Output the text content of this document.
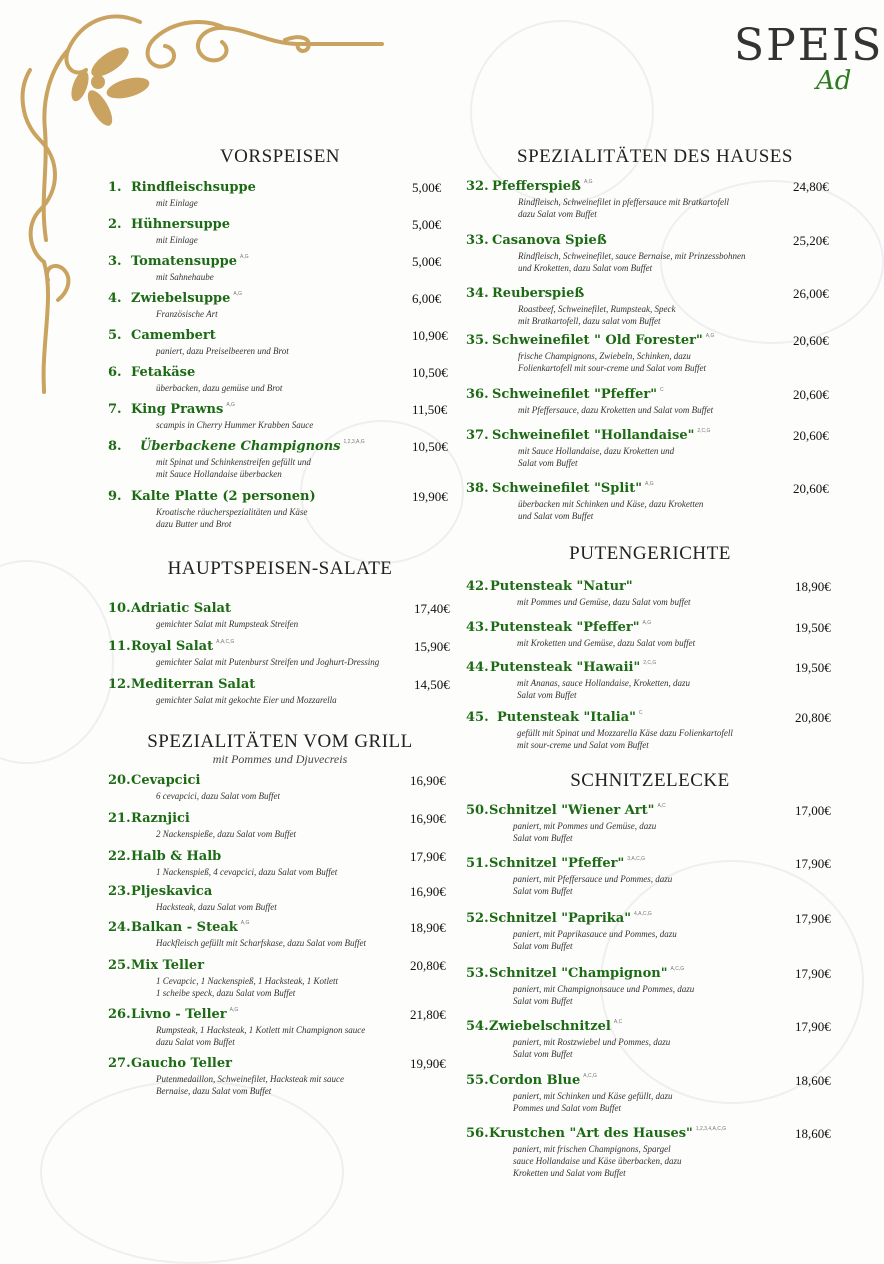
SPEIS
Ad
VORSPEISEN	SPEZIALITÄTEN DES HAUSES
HAUPTSPEISEN-SALATE
PUTENGERICHTE
SPEZIALITÄTEN VOM GRILL
mit Pommes und Djuvecreis
SCHNITZELECKE
1. Rindfleischsuppe
mit Einlage
5,00€
2. Hühnersuppe
mit Einlage
5,00€
3. Tomatensuppe $^{A,G}$
mit Sahnehaube
5,00€
4. Zwiebelsuppe $^{A,G}$
Französische Art
6,00€
5. Camembert
paniert, dazu Preiselbeeren und Brot
10,90€
6. Fetakäse
überbacken, dazu gemüse und Brot
10,50€
7. King Prawns $^{A,G}$
scampis in Cherry Hummer Krabben Sauce
11,50€
8. Überbackene Champignons $^{1,2,3,A,G}$
mit Spinat und Schinkenstreifen gefüllt und
mit Sauce Hollandaise überbacken
10,50€
9. Kalte Platte (2 personen)
Kroatische räucherspezialitäten und Käse
dazu Butter und Brot
19,90€
10. Adriatic Salat
gemichter Salat mit Rumpsteak Streifen
17,40€
11. Royal Salat $^{A,A,C,G}$
gemichter Salat mit Putenburst Streifen und Joghurt-Dressing
15,90€
12. Mediterran Salat
gemichter Salat mit gekochte Eier und Mozzarella
14,50€
20. Cevapcici
6 cevapcici, dazu Salat vom Buffet
16,90€
21. Raznjici
2 Nackenspieße, dazu Salat vom Buffet
16,90€
22. Halb & Halb
1 Nackenspieß, 4 cevapcici, dazu Salat vom Buffet
17,90€
23. Pljeskavica
Hacksteak, dazu Salat vom Buffet
16,90€
24. Balkan - Steak $^{A,G}$
Hackfleisch gefüllt mit Scharfskase, dazu Salat vom Buffet
18,90€
25. Mix Teller
1 Cevapcic, 1 Nackenspieß, 1 Hacksteak, 1 Kotlett
1 scheibe speck, dazu Salat vom Buffet
20,80€
26. Livno - Teller $^{A,G}$
Rumpsteak, 1 Hacksteak, 1 Kotlett mit Champignon sauce
dazu Salat vom Buffet
21,80€
27. Gaucho Teller
Putenmedaillon, Schweinefilet, Hacksteak mit sauce
Bernaise, dazu Salat vom Buffet
19,90€
32. Pfefferspieß $^{A,G}$
Rindfleisch, Schweinefilet in pfeffersauce mit Bratkartofell
dazu Salat vom Buffet
24,80€
33. Casanova Spieß
Rindfleisch, Schweinefilet, sauce Bernaise, mit Prinzessbohnen
und Kroketten, dazu Salat vom Buffet
25,20€
34. Reuberspieß
Roastbeef, Schweinefilet, Rumpsteak, Speck
mit Bratkartofell, dazu salat vom Buffet
26,00€
35. Schweinefilet " Old Forester" $^{A,G}$
frische Champignons, Zwiebeln, Schinken, dazu
Folienkartofell mit sour-creme und Salat vom Buffet
20,60€
36. Schweinefilet "Pfeffer" $^C$
mit Pfeffersauce, dazu Kroketten und Salat vom Buffet
20,60€
37. Schweinefilet "Hollandaise" $^{2,C,G}$
mit Sauce Hollandaise, dazu Kroketten und
Salat vom Buffet
20,60€
38. Schweinefilet "Split" $^{A,G}$
überbacken mit Schinken und Käse, dazu Kroketten
und Salat vom Buffet
20,60€
42. Putensteak "Natur"
mit Pommes und Gemüse, dazu Salat vom buffet
18,90€
43. Putensteak "Pfeffer" $^{A,G}$
mit Kroketten und Gemüse, dazu Salat vom buffet
19,50€
44. Putensteak "Hawaii" $^{2,C,G}$
mit Ananas, sauce Hollandaise, Kroketten, dazu
Salat vom Buffet
19,50€
45. Putensteak "Italia" $^C$
gefüllt mit Spinat und Mozzarella Käse dazu Folienkartofell
mit sour-creme und Salat vom Buffet
20,80€
50. Schnitzel "Wiener Art" $^{A,C}$
paniert, mit Pommes und Gemüse, dazu
Salat vom Buffet
17,00€
51. Schnitzel "Pfeffer" $^{3,A,C,G}$
paniert, mit Pfeffersauce und Pommes, dazu
Salat vom Buffet
17,90€
52. Schnitzel "Paprika" $^{4,A,C,G}$
paniert, mit Paprikasauce und Pommes, dazu
Salat vom Buffet
17,90€
53. Schnitzel "Champignon" $^{A,C,G}$
paniert, mit Champignonsauce und Pommes, dazu
Salat vom Buffet
17,90€
54. Zwiebelschnitzel $^{A,C}$
paniert, mit Rostzwiebel und Pommes, dazu
Salat vom Buffet
17,90€
55. Cordon Blue $^{A,C,G}$
paniert, mit Schinken und Käse gefüllt, dazu
Pommes und Salat vom Buffet
18,60€
56. Krustchen "Art des Hauses" $^{1,2,3,4,A,C,G}$
paniert, mit frischen Champignons, Spargel
sauce Hollandaise und Käse überbacken, dazu
Kroketten und Salat vom Buffet
18,60€
